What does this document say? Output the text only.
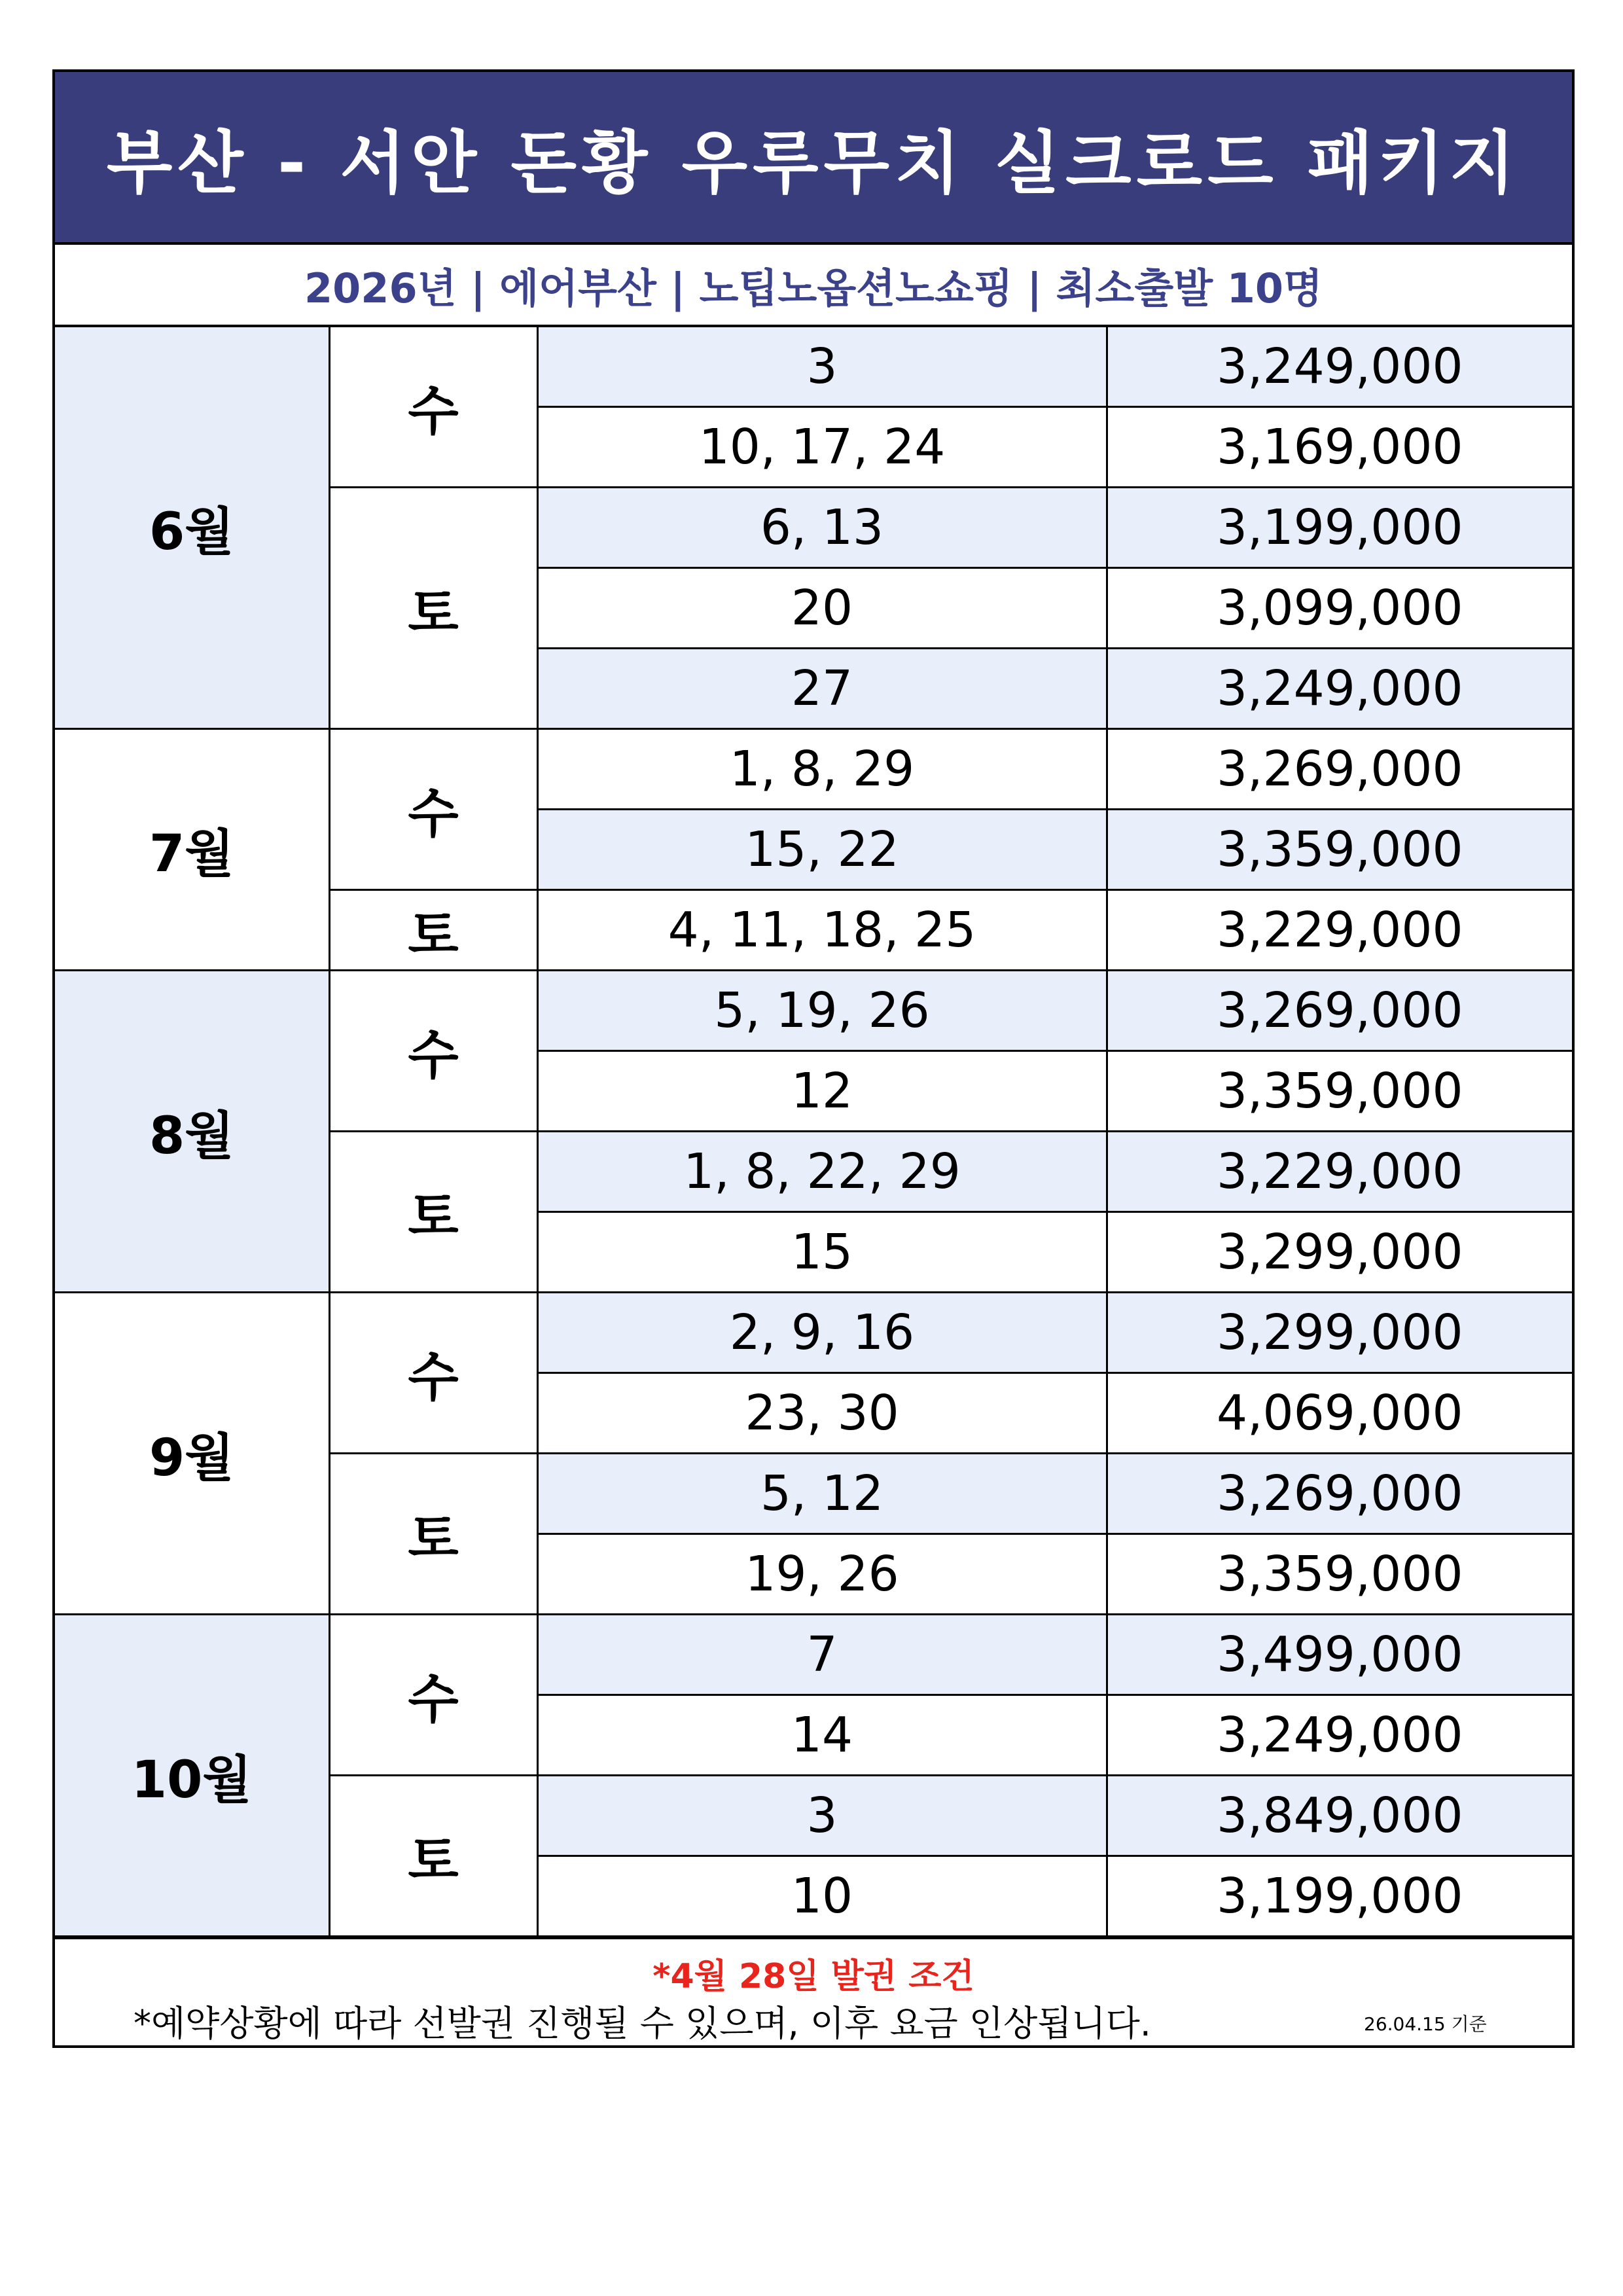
부산 - 서안 돈황 우루무치 실크로드 패키지
2026년 | 에어부산 | 노팁노옵션노쇼핑 | 최소출발 10명
6월	수	3	3,249,000
		10, 17, 24	3,169,000
	토	6, 13	3,199,000
		20	3,099,000
		27	3,249,000
7월	수	1, 8, 29	3,269,000
		15, 22	3,359,000
	토	4, 11, 18, 25	3,229,000
8월	수	5, 19, 26	3,269,000
		12	3,359,000
	토	1, 8, 22, 29	3,229,000
		15	3,299,000
9월	수	2, 9, 16	3,299,000
		23, 30	4,069,000
	토	5, 12	3,269,000
		19, 26	3,359,000
10월	수	7	3,499,000
		14	3,249,000
	토	3	3,849,000
		10	3,199,000
*4월 28일 발권 조건
*예약상황에 따라 선발권 진행될 수 있으며, 이후 요금 인상됩니다.	26.04.15 기준
